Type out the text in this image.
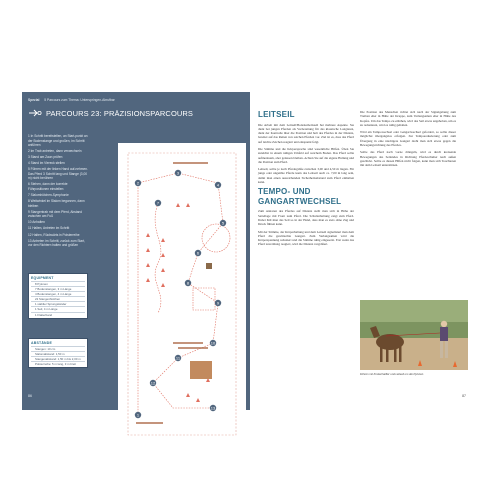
Spezial 5 Parcours zum Thema: Unterspringen-Abrufbar
PARCOURS 23: PRÄZISIONSPARCOURS
1 In Schritt bereitstellen, an Start-punkt an der Bodenstange und großen, im Schritt anführen
2 Im Trab antreten, dann verwechseln
3 Stand am Zaun prüfen
4 Stand im Viereck stellen
5 Führen mit der linken Hand auf-nehmen. Das Pferd 3 Schritt lang und Stange (3,00 m) nicht berühren
6 Stehen, dann der korrekte Führpositionen einstellen
7 Slalomhütchen-Symphonie
8 Weitwinkel im Slalom begonnen, dann bleiben
9 Stangentrab mit dem Pferd, Abstand zwischen am Fuß
10 Anhalten
11 Halten, Antreten im Schritt
12 Halten, Rückwärts in Polsterreihe
13 Antreten im Schritt, zurück zum Start, vor den Richtern halten und grüßen
EQUIPMENT
8 Pylonen
7 Bodenstangen, 3 m Länge
4 Bodenstangen, 4 m Länge
22 Stangenhütchen
1 stabiler Sprungständer
1 Seil, 4 m Länge
1 Flatterband
ABSTÄNDE
Stangen: 10 cm
Slalomabstand: 1,50 m
Stangenabstand: 1,50 m bis 2,00 m
Polsterreihe: 5 m lang, 3 m breit
1
2
3
4
5
6
7
8
9
10
11
12
13
86
LEITSEIL

Die Arbeit mit dem Leitseil/Bodenarbeitsseil hat mehrere Aspekte. Sie dient bei jungen Pferden als Vorbereitung für das klassische Longieren, dient der Kontrolle über die Position und halt des Pferdes in der Distanz, bereitet auf das Reiten von solchen Pferden vor. Ziel ist es, dass das Pferd auf leichte Zeichen reagiert und entspannt folgt.

Die Stimme und die Körpersprache sind wesentliche Hilfen. Üben Sie zunächst in einem ruhigen Umfeld auf weichem Boden. Das Pferd sollte aufmerksam, aber gelassen bleiben. Achten Sie auf die eigene Haltung und die Position zum Pferd.

Leitseil, sollte je nach Pferdegröße zwischen 3,00 und 4,50 m liegen. Für junge oder ungeübte Pferde kann das Leitseil auch ca. 7,00 m lang sein, damit man einen ausreichenden Sicherheitsabstand zum Pferd einhalten kann.

TEMPO- UND GANGARTWECHSEL

Zum Antreten des Pferdes auf Distanz stellt man sich in Höhe der Sattellage mit Front zum Pferd. Die Schulterhaltung zeigt zum Pferd. Dabei hält man das Seil so in der Hand, dass man es stets ohne Zug und Druck führen kann.

Mit der Stimme, der Körperhaltung und dem Leitseil signalisiert man dem Pferd die gewünschte Gangart. Zum Verlangsamen wird die Körperspannung reduziert und die Stimme ruhig eingesetzt. Erst wenn das Pferd zuverlässig reagiert, wird die Distanz vergrößert.

Die Position des Menschen richtet sich nach der Signalgebung zum Treiben eher in Höhe der Kruppe, zum Verlangsamen eher in Höhe des Kopfes. Um das Tempo zu erhöhen, wird das Seil etwas angehoben, um es zu reduzieren, wird es ruhig gehalten.

Wird ein Tempowechsel oder Gangartwechsel gefordert, so sollte dieser möglichst übergangslos erfolgen. Zur Temporeduzierung oder zum Übergang in eine niedrigere Gangart dreht man sich etwas gegen die Bewegungsrichtung des Pferdes.

Sollte das Pferd nach vorne drängeln, wird es durch kreisende Bewegungen des Seilendes in Richtung Pferdeschulter nach außen geschickt. Sollte es diesen Hilfen nicht folgen, kann man sich Touchieren mit dem Leitseil unterstützen.

Führen mit Knotenhalfter und Leitseil um die Pylonen.
87
